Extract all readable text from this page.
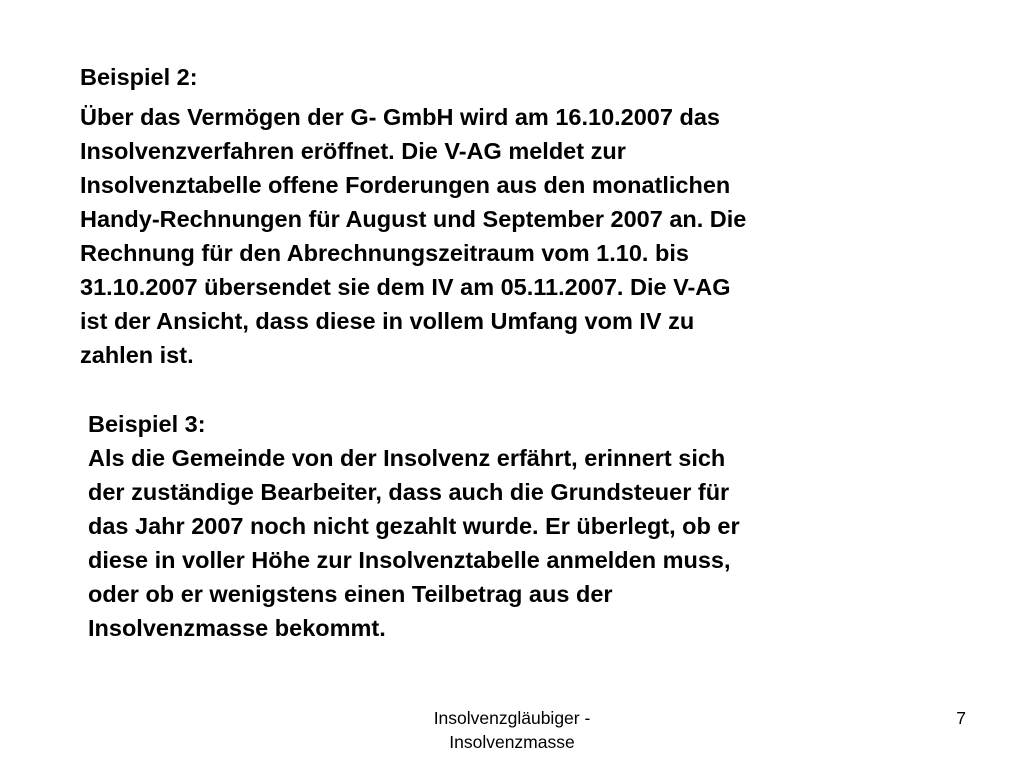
Beispiel 2:
Über das Vermögen der G- GmbH wird am 16.10.2007 das
Insolvenzverfahren eröffnet. Die V-AG meldet zur
Insolvenztabelle offene Forderungen aus den monatlichen
Handy-Rechnungen für August und September 2007 an. Die
Rechnung für den Abrechnungszeitraum vom 1.10. bis
31.10.2007 übersendet sie dem IV am 05.11.2007. Die V-AG
ist der Ansicht, dass diese in vollem Umfang vom IV zu
zahlen ist.
Beispiel 3:
Als die Gemeinde von der Insolvenz erfährt, erinnert sich
der zuständige Bearbeiter, dass auch die Grundsteuer für
das Jahr 2007 noch nicht gezahlt wurde. Er überlegt, ob er
diese in voller Höhe zur Insolvenztabelle anmelden muss,
oder ob er wenigstens einen Teilbetrag aus der
Insolvenzmasse bekommt.
Insolvenzgläubiger -
Insolvenzmasse
7
